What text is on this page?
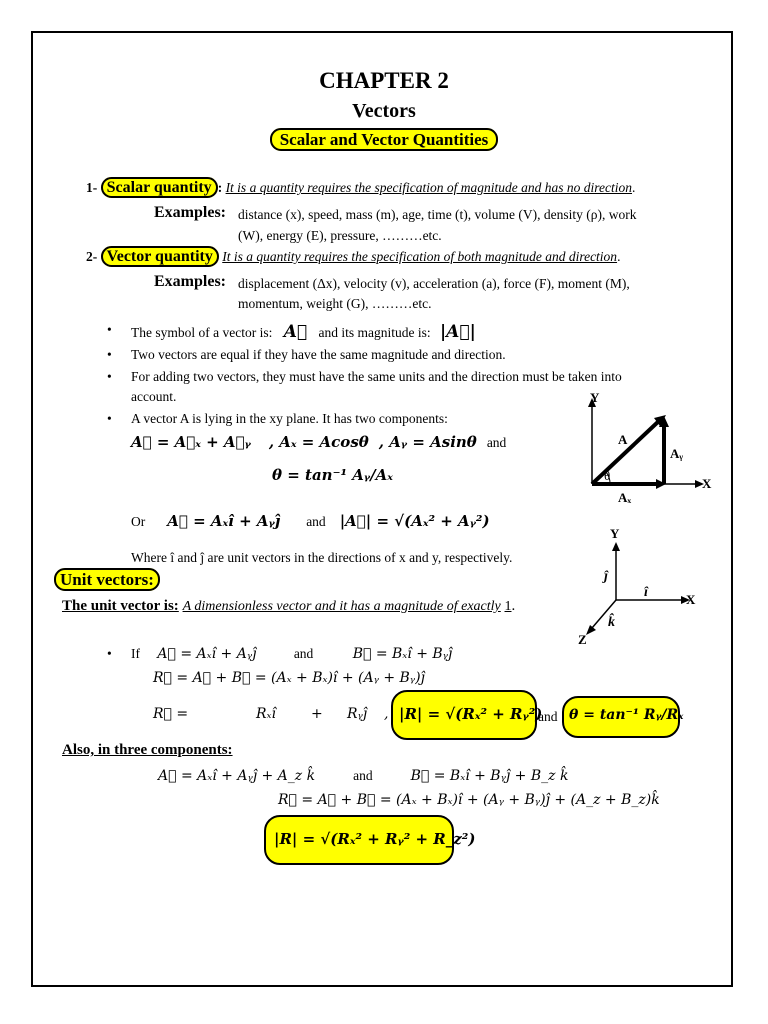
CHAPTER 2
Vectors
Scalar and Vector Quantities
1- Scalar quantity : It is a quantity requires the specification of magnitude and has no direction.
Examples: distance (x), speed, mass (m), age, time (t), volume (V), density (ρ), work
(W), energy (E), pressure, ………etc.
2- Vector quantity It is a quantity requires the specification of both magnitude and direction.
Examples: displacement (Δx), velocity (v), acceleration (a), force (F), moment (M),
momentum, weight (G), ………etc.
• The symbol of a vector is: A⃗ and its magnitude is: |A⃗|
• Two vectors are equal if they have the same magnitude and direction.
• For adding two vectors, they must have the same units and the direction must be taken into
account.
• A vector A is lying in the xy plane. It has two components:
A⃗ = A⃗ₓ + A⃗ᵧ , Aₓ = Acosθ , Aᵧ = Asinθ and
θ = tan⁻¹ Aᵧ/Aₓ
Or A⃗ = Aₓî + Aᵧĵ and |A⃗| = √(Aₓ² + Aᵧ²)
Where î and ĵ are unit vectors in the directions of x and y, respectively.
Unit vectors:
The unit vector is: A dimensionless vector and it has a magnitude of exactly 1.
• If A⃗ = Aₓî + Aᵧĵ	and	B⃗ = Bₓî + Bᵧĵ
R⃗ = A⃗ + B⃗ = (Aₓ + Bₓ)î + (Aᵧ + Bᵧ)ĵ
R⃗ =	Rₓî	+ Rᵧĵ , |R| = √(Rₓ² + Rᵧ²)
and θ = tan⁻¹ Rᵧ/Rₓ
Also, in three components:
A⃗ = Aₓî + Aᵧĵ + A_z k̂	and	B⃗ = Bₓî + Bᵧĵ + B_z k̂
R⃗ = A⃗ + B⃗ = (Aₓ + Bₓ)î + (Aᵧ + Bᵧ)ĵ + (A_z + B_z)k̂
|R| = √(Rₓ² + Rᵧ² + R_z²)
Y
X
A
θ
Aₓ
Aᵧ
Y
X
Z
ĵ
î
k̂
